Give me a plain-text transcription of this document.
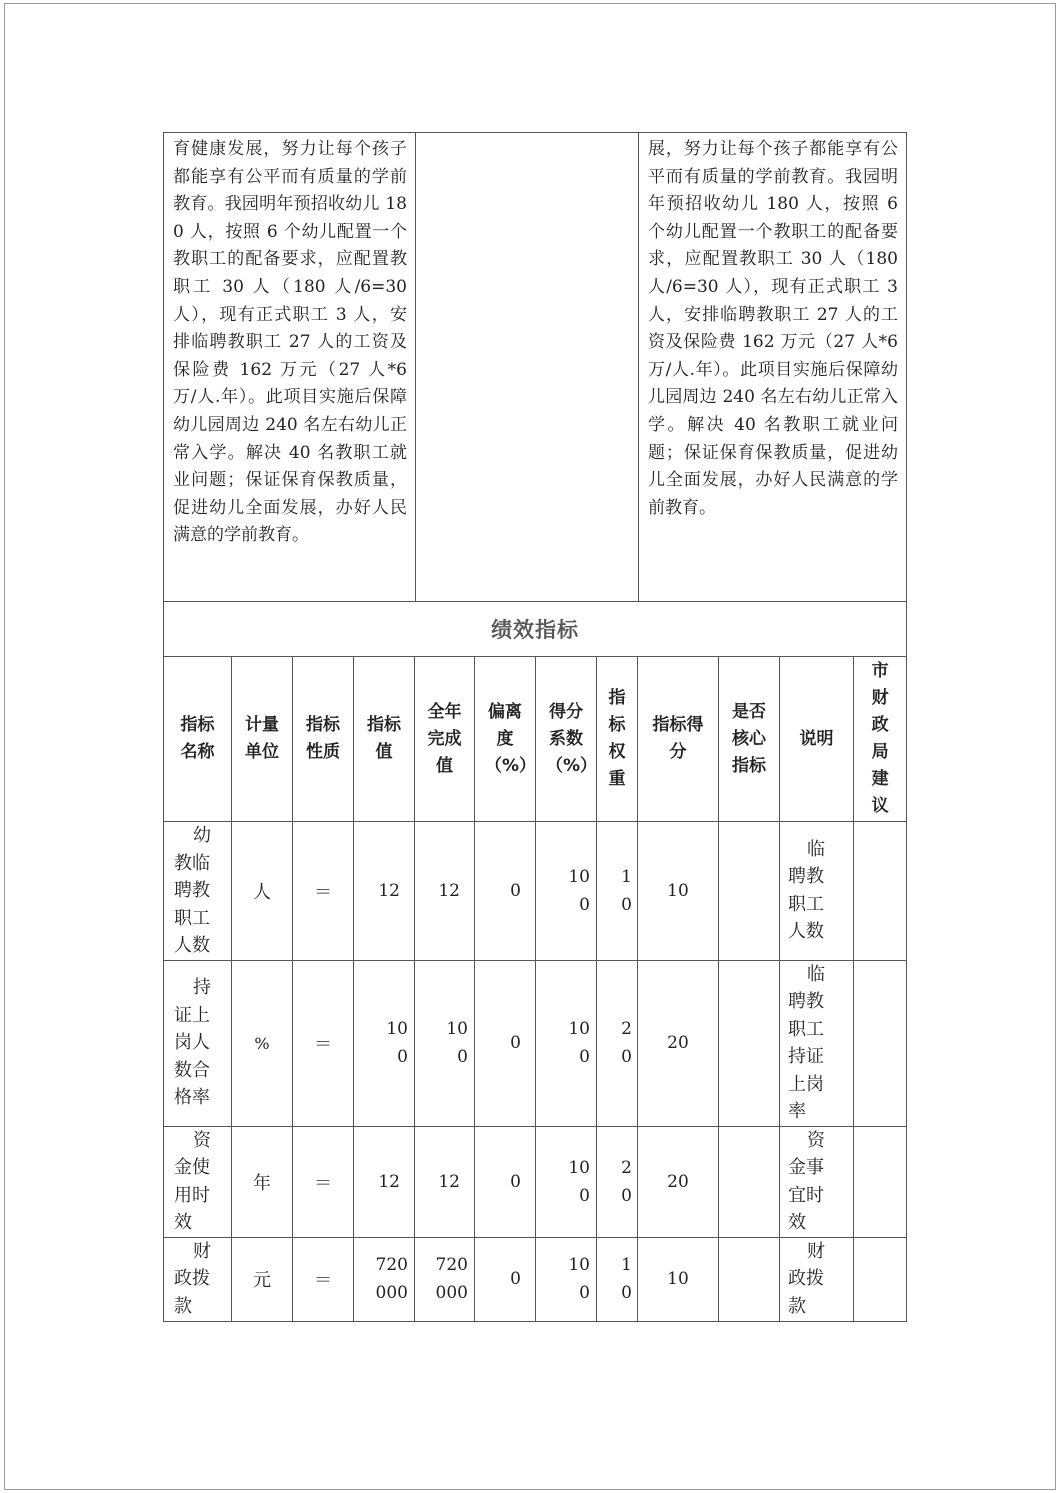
育健康发展，努力让每个孩子都能享有公平而有质量的学前教育。我园明年预招收幼儿 180 人，按照 6 个幼儿配置一个教职工的配备要求，应配置教职工 30 人（180 人/6=30 人），现有正式职工 3 人，安排临聘教职工 27 人的工资及保险费 162 万元（27 人*6 万/人.年）。此项目实施后保障幼儿园周边 240 名左右幼儿正常入学。解决 40 名教职工就业问题；保证保育保教质量，促进幼儿全面发展，办好人民满意的学前教育。

展，努力让每个孩子都能享有公平而有质量的学前教育。我园明年预招收幼儿 180 人，按照 6 个幼儿配置一个教职工的配备要求，应配置教职工 30 人（180 人/6=30 人），现有正式职工 3 人，安排临聘教职工 27 人的工资及保险费 162 万元（27 人*6 万/人.年）。此项目实施后保障幼儿园周边 240 名左右幼儿正常入学。解决 40 名教职工就业问题；保证保育保教质量，促进幼儿全面发展，办好人民满意的学前教育。
绩效指标											
指标名称	计量单位	指标性质	指标值	全年完成值	偏离度（%）	得分系数（%）	指标权重	指标得分	是否核心指标	说明	市财政局建议

幼教临聘教职工人数	人	＝	12	12	0	100	10	10		临聘教职工人数	

持证上岗人数合格率	%	＝	100	100	0	100	20	20		临聘教职工持证上岗率	

资金使用时效	年	＝	12	12	0	100	20	20		资金事宜时效	

财政拨款	元	＝	720000	720000	0	100	10	10		财政拨款	
